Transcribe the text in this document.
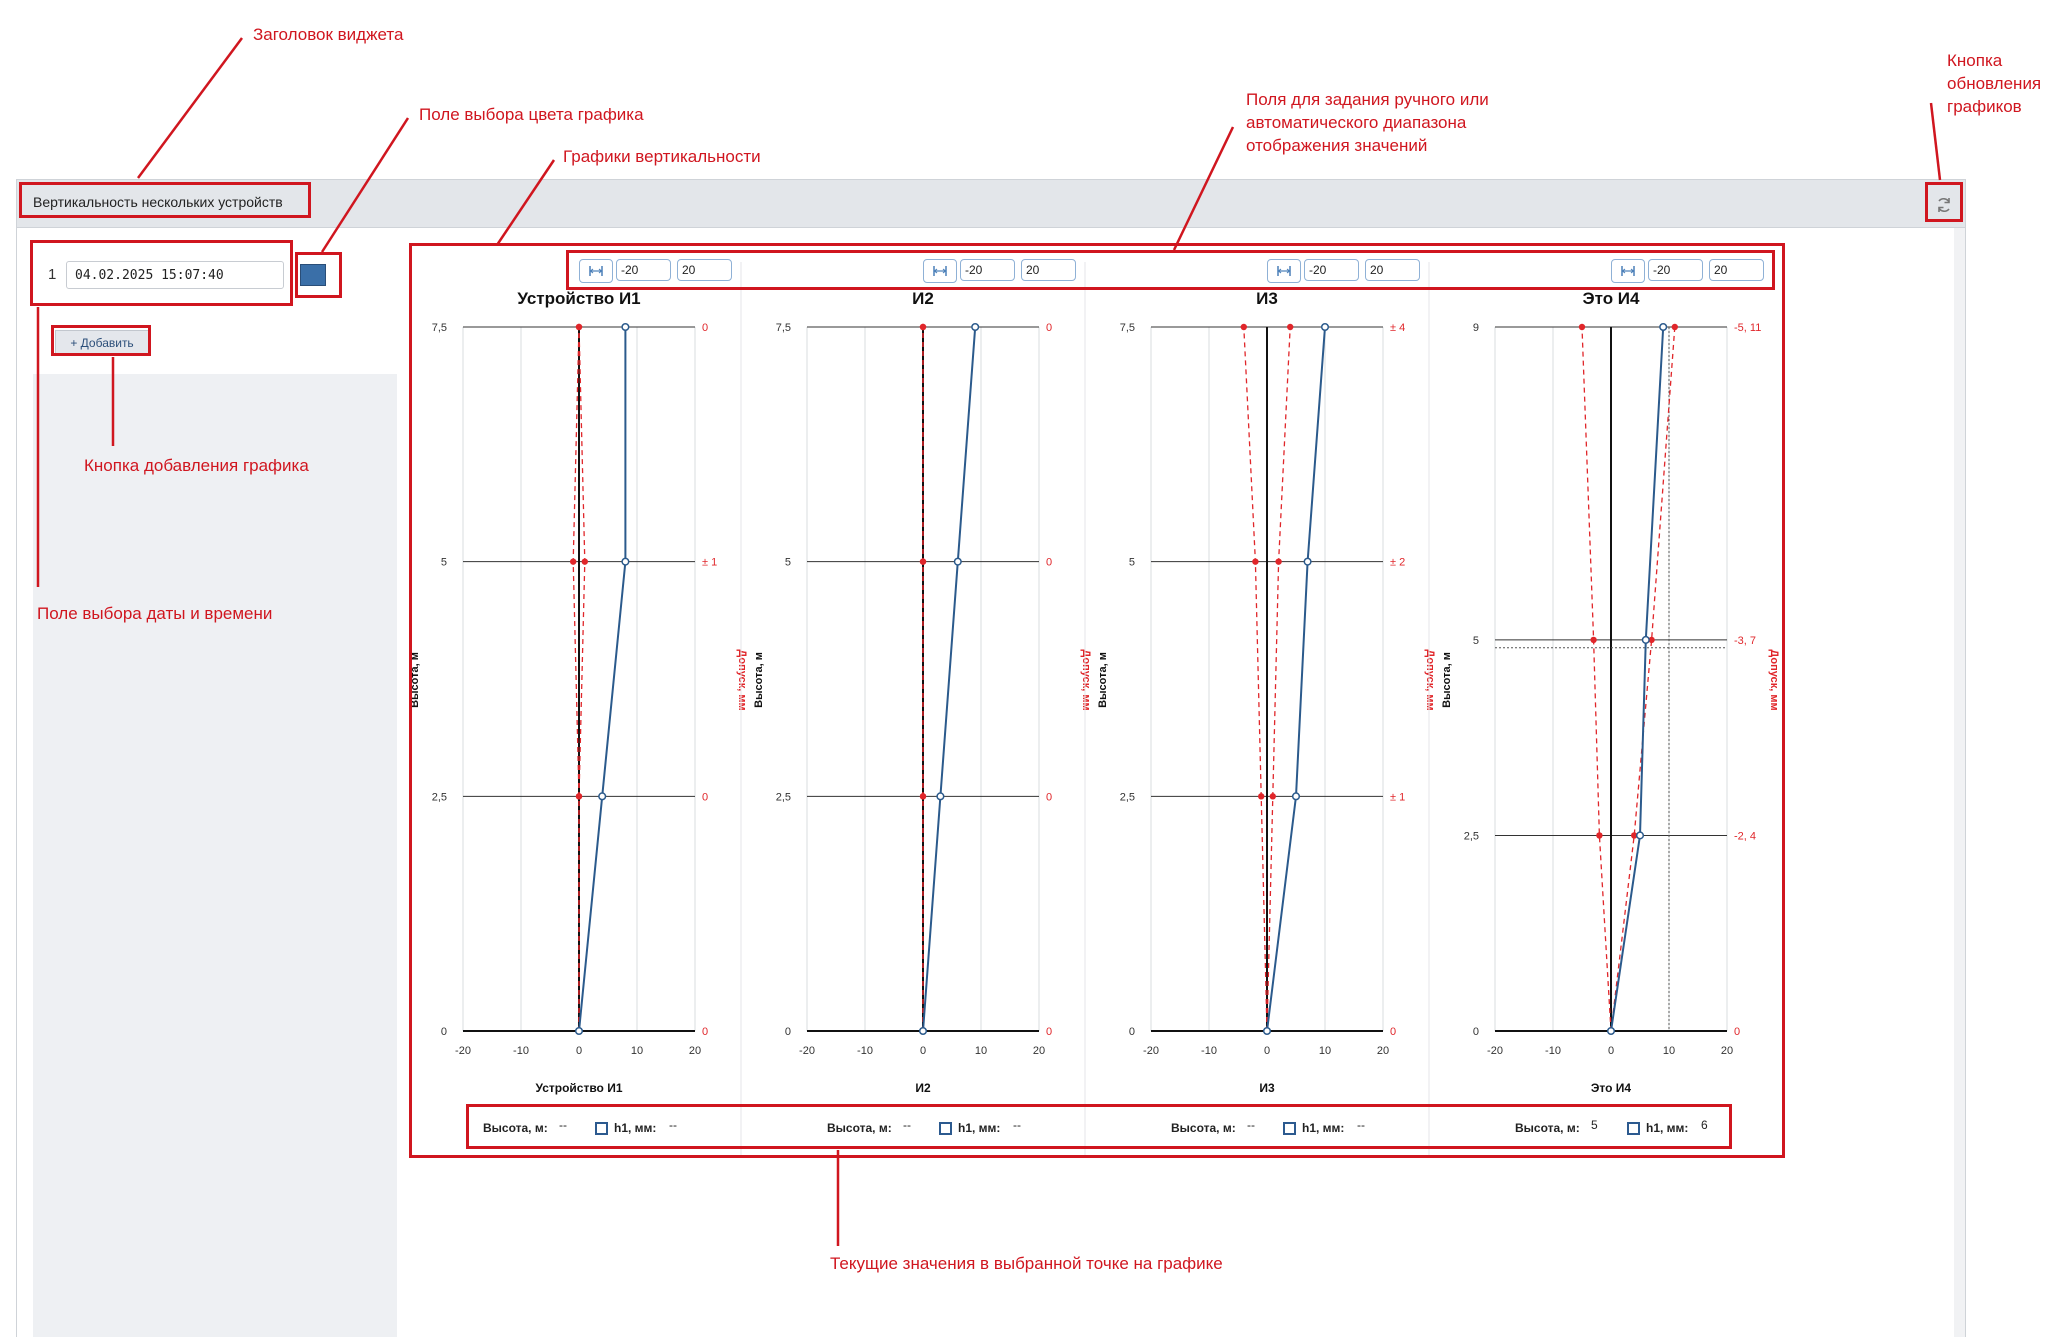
Заголовок виджета
Поле выбора цвета графика
Графики вертикальности
Поля для задания ручного или
автоматического диапазона
отображения значений
Кнопка
обновления
графиков
Вертикальность нескольких устройств
1	04.02.2025 15:07:40
+ Добавить
-20	-10	0	10	20
0
2,5
5
7,5
0
0
± 1
0
Устройство И1
Устройство И1
Высота, м	Допуск, мм
-20	-10	0	10	20
0
2,5
5
7,5
0
0
0
0
И2
И2
Высота, м	Допуск, мм
-20	-10	0	10	20
0
2,5
5
7,5
0
± 1
± 2
± 4
И3
И3
Высота, м	Допуск, мм
-20	-10	0	10	20
0
2,5
5
9
0
-2, 4
-3, 7
-5, 11
Это И4
Это И4
Высота, м	Допуск, мм
-20	20
Высота, м: --	h1, мм: --
-20	20
Высота, м: --	h1, мм: --
-20	20
Высота, м: --	h1, мм: --
-20	20
Высота, м: 5	h1, мм: 6
Кнопка добавления графика
Поле выбора даты и времени
Текущие значения в выбранной точке на графике
